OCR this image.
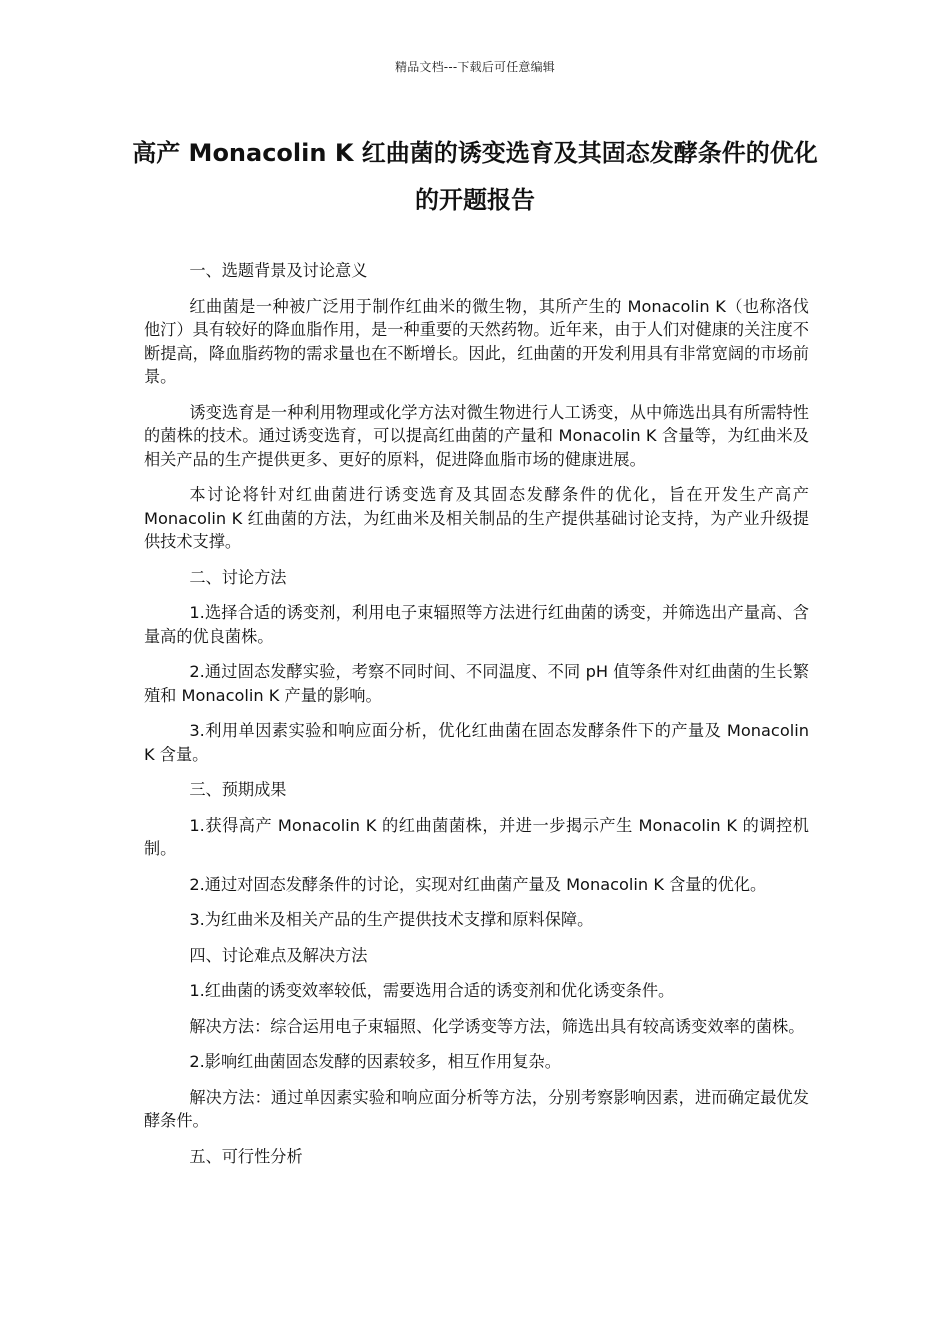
精品文档---下载后可任意编辑
高产 Monacolin K 红曲菌的诱变选育及其固态发酵条件的优化的开题报告

一、选题背景及讨论意义

红曲菌是一种被广泛用于制作红曲米的微生物，其所产生的 Monacolin K（也称洛伐他汀）具有较好的降血脂作用，是一种重要的天然药物。近年来，由于人们对健康的关注度不断提高，降血脂药物的需求量也在不断增长。因此，红曲菌的开发利用具有非常宽阔的市场前景。

诱变选育是一种利用物理或化学方法对微生物进行人工诱变，从中筛选出具有所需特性的菌株的技术。通过诱变选育，可以提高红曲菌的产量和 Monacolin K 含量等，为红曲米及相关产品的生产提供更多、更好的原料，促进降血脂市场的健康进展。

本讨论将针对红曲菌进行诱变选育及其固态发酵条件的优化，旨在开发生产高产 Monacolin K 红曲菌的方法，为红曲米及相关制品的生产提供基础讨论支持，为产业升级提供技术支撑。

二、讨论方法

1.选择合适的诱变剂，利用电子束辐照等方法进行红曲菌的诱变，并筛选出产量高、含量高的优良菌株。

2.通过固态发酵实验，考察不同时间、不同温度、不同 pH 值等条件对红曲菌的生长繁殖和 Monacolin K 产量的影响。

3.利用单因素实验和响应面分析，优化红曲菌在固态发酵条件下的产量及 Monacolin K 含量。

三、预期成果

1.获得高产 Monacolin K 的红曲菌菌株，并进一步揭示产生 Monacolin K 的调控机制。

2.通过对固态发酵条件的讨论，实现对红曲菌产量及 Monacolin K 含量的优化。

3.为红曲米及相关产品的生产提供技术支撑和原料保障。

四、讨论难点及解决方法

1.红曲菌的诱变效率较低，需要选用合适的诱变剂和优化诱变条件。

解决方法：综合运用电子束辐照、化学诱变等方法，筛选出具有较高诱变效率的菌株。

2.影响红曲菌固态发酵的因素较多，相互作用复杂。

解决方法：通过单因素实验和响应面分析等方法，分别考察影响因素，进而确定最优发酵条件。

五、可行性分析
